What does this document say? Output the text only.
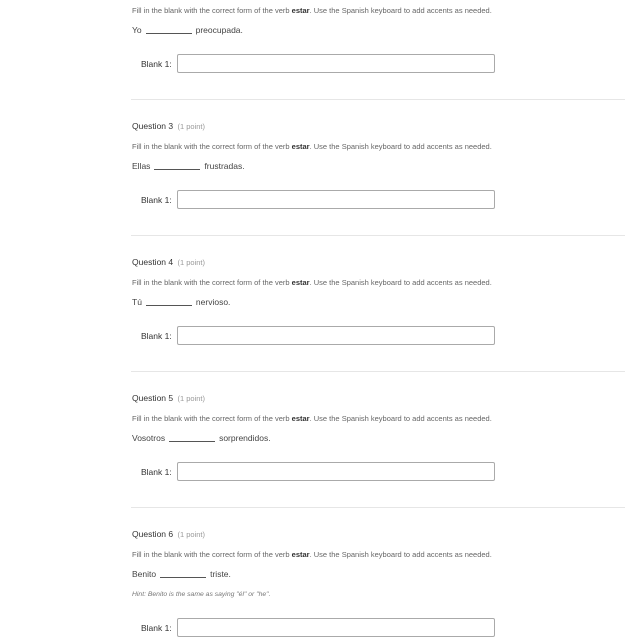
Fill in the blank with the correct form of the verb estar. Use the Spanish keyboard to add accents as needed.
Yo	preocupada.
Blank 1:
Question 3 (1 point)
Fill in the blank with the correct form of the verb estar. Use the Spanish keyboard to add accents as needed.
Ellas	frustradas.
Blank 1:
Question 4 (1 point)
Fill in the blank with the correct form of the verb estar. Use the Spanish keyboard to add accents as needed.
Tú	nervioso.
Blank 1:
Question 5 (1 point)
Fill in the blank with the correct form of the verb estar. Use the Spanish keyboard to add accents as needed.
Vosotros	sorprendidos.
Blank 1:
Question 6 (1 point)
Fill in the blank with the correct form of the verb estar. Use the Spanish keyboard to add accents as needed.
Benito	triste.
Hint: Benito is the same as saying "él" or "he".
Blank 1:
